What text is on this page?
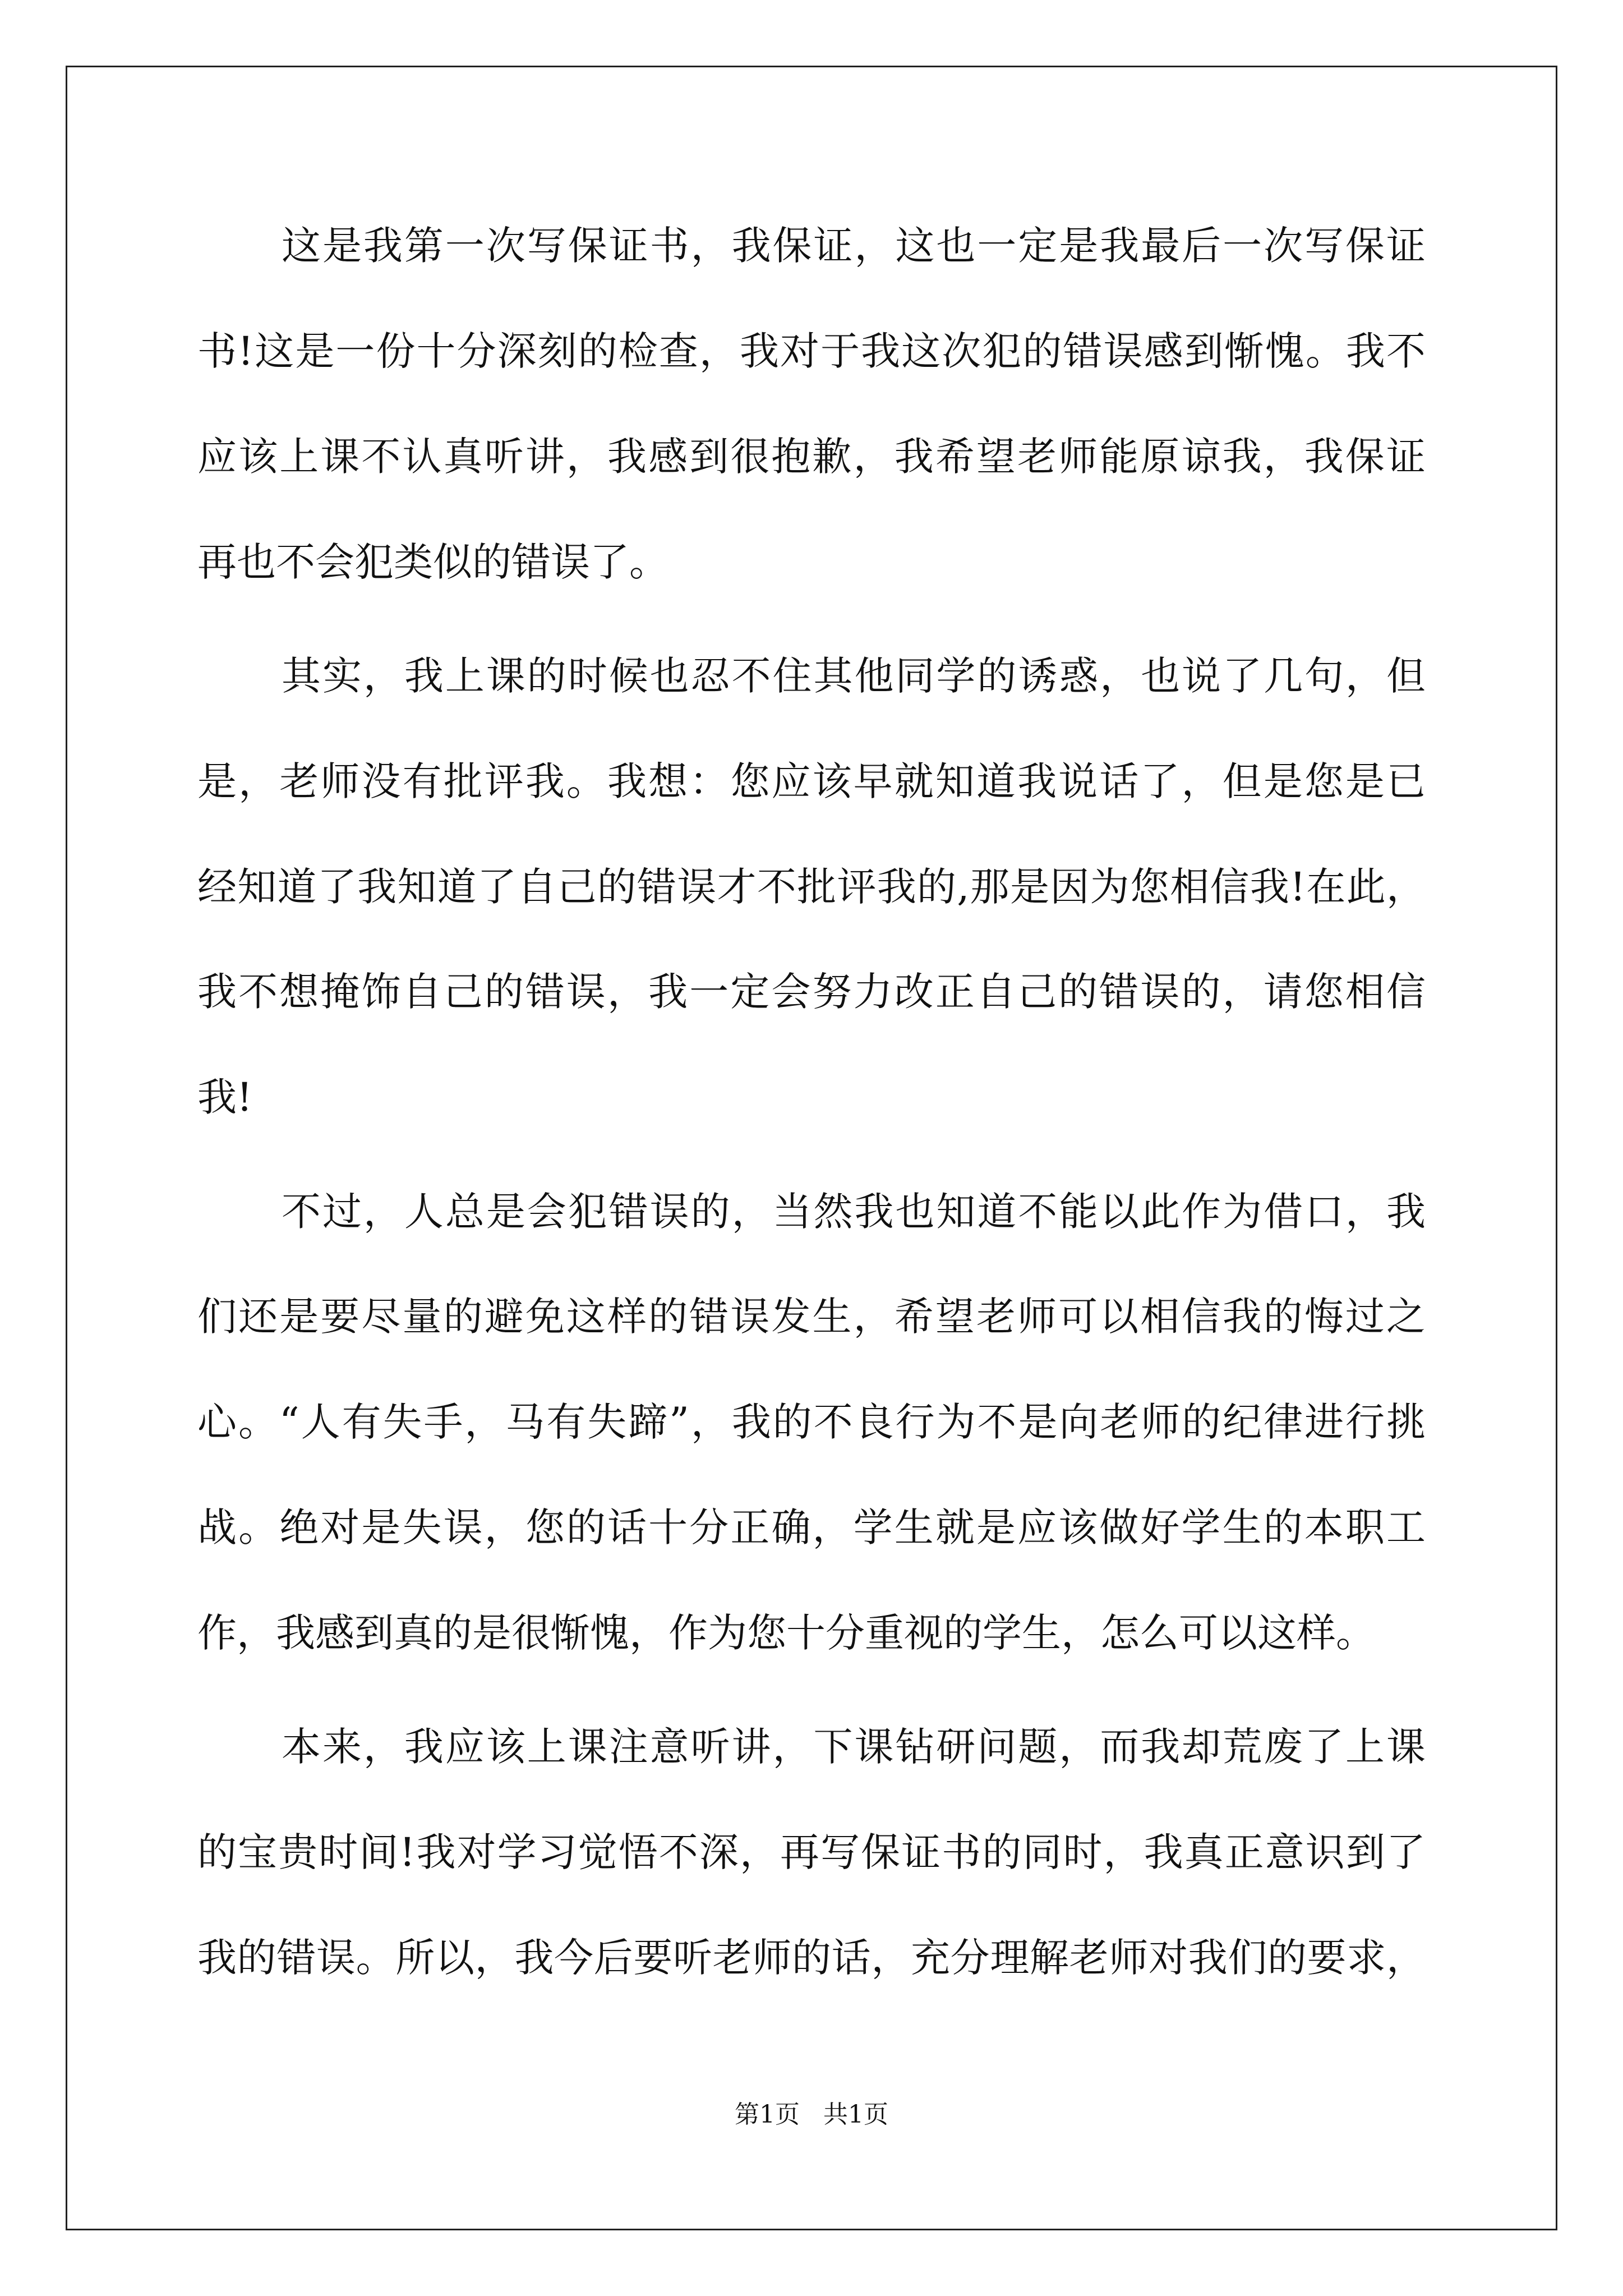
这是我第一次写保证书，我保证，这也一定是我最后一次写保证
书!这是一份十分深刻的检查，我对于我这次犯的错误感到惭愧。我不
应该上课不认真听讲，我感到很抱歉，我希望老师能原谅我，我保证
再也不会犯类似的错误了。
其实，我上课的时候也忍不住其他同学的诱惑，也说了几句，但
是，老师没有批评我。我想：您应该早就知道我说话了，但是您是已
经知道了我知道了自己的错误才不批评我的,那是因为您相信我!在此，
我不想掩饰自己的错误，我一定会努力改正自己的错误的，请您相信
我!
不过，人总是会犯错误的，当然我也知道不能以此作为借口，我
们还是要尽量的避免这样的错误发生，希望老师可以相信我的悔过之
心。“人有失手，马有失蹄”，我的不良行为不是向老师的纪律进行挑
战。绝对是失误，您的话十分正确，学生就是应该做好学生的本职工
作，我感到真的是很惭愧，作为您十分重视的学生，怎么可以这样。
本来，我应该上课注意听讲，下课钻研问题，而我却荒废了上课
的宝贵时间!我对学习觉悟不深，再写保证书的同时，我真正意识到了
我的错误。所以，我今后要听老师的话，充分理解老师对我们的要求，
第1页   共1页
